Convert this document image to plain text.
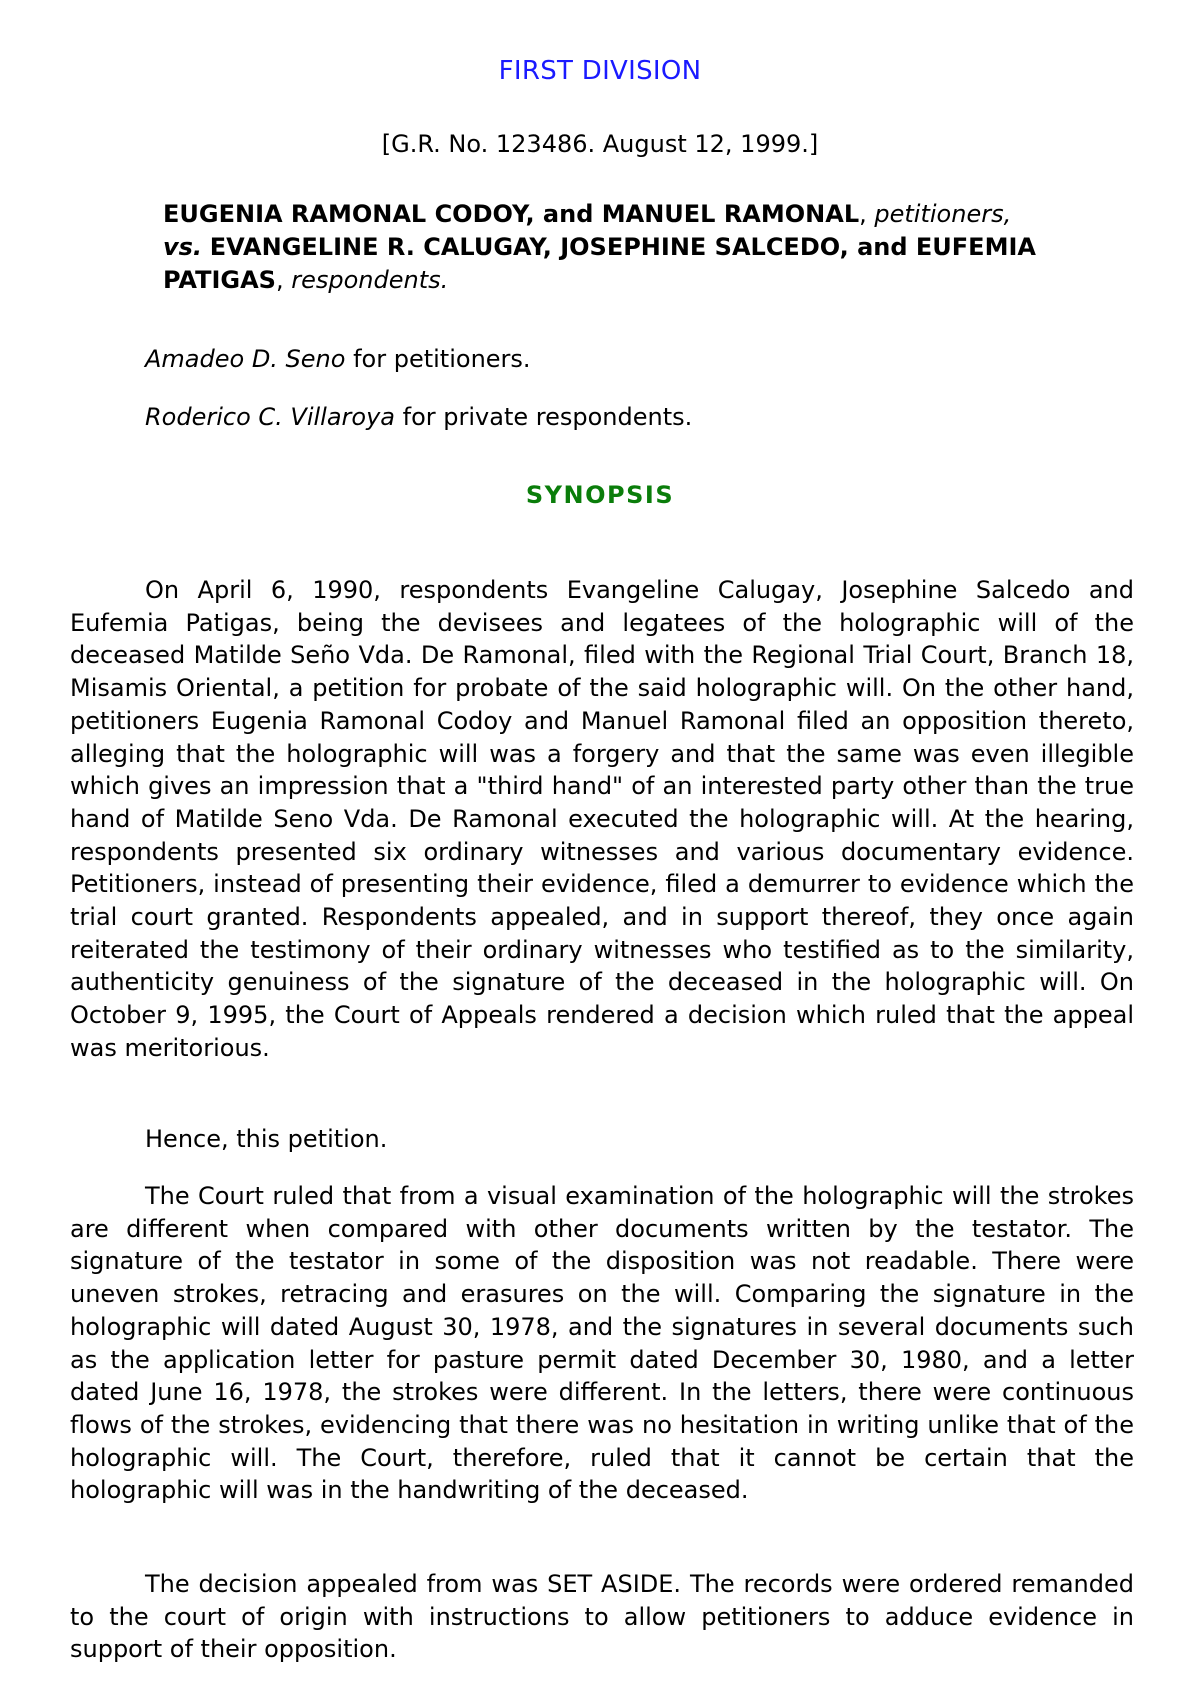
FIRST DIVISION
[G.R. No. 123486. August 12, 1999.]
EUGENIA RAMONAL CODOY, and MANUEL RAMONAL, petitioners, vs. EVANGELINE R. CALUGAY, JOSEPHINE SALCEDO, and EUFEMIA PATIGAS, respondents.
Amadeo D. Seno for petitioners.
Roderico C. Villaroya for private respondents.
SYNOPSIS

On April 6, 1990, respondents Evangeline Calugay, Josephine Salcedo and Eufemia Patigas, being the devisees and legatees of the holographic will of the deceased Matilde Seño Vda. De Ramonal, filed with the Regional Trial Court, Branch 18, Misamis Oriental, a petition for probate of the said holographic will. On the other hand, petitioners Eugenia Ramonal Codoy and Manuel Ramonal filed an opposition thereto, alleging that the holographic will was a forgery and that the same was even illegible which gives an impression that a "third hand" of an interested party other than the true hand of Matilde Seno Vda. De Ramonal executed the holographic will. At the hearing, respondents presented six ordinary witnesses and various documentary evidence. Petitioners, instead of presenting their evidence, filed a demurrer to evidence which the trial court granted. Respondents appealed, and in support thereof, they once again reiterated the testimony of their ordinary witnesses who testified as to the similarity, authenticity genuiness of the signature of the deceased in the holographic will. On October 9, 1995, the Court of Appeals rendered a decision which ruled that the appeal was meritorious.

Hence, this petition.

The Court ruled that from a visual examination of the holographic will the strokes are different when compared with other documents written by the testator. The signature of the testator in some of the disposition was not readable. There were uneven strokes, retracing and erasures on the will. Comparing the signature in the holographic will dated August 30, 1978, and the signatures in several documents such as the application letter for pasture permit dated December 30, 1980, and a letter dated June 16, 1978, the strokes were different. In the letters, there were continuous flows of the strokes, evidencing that there was no hesitation in writing unlike that of the holographic will. The Court, therefore, ruled that it cannot be certain that the holographic will was in the handwriting of the deceased.

The decision appealed from was SET ASIDE. The records were ordered remanded to the court of origin with instructions to allow petitioners to adduce evidence in support of their opposition.
